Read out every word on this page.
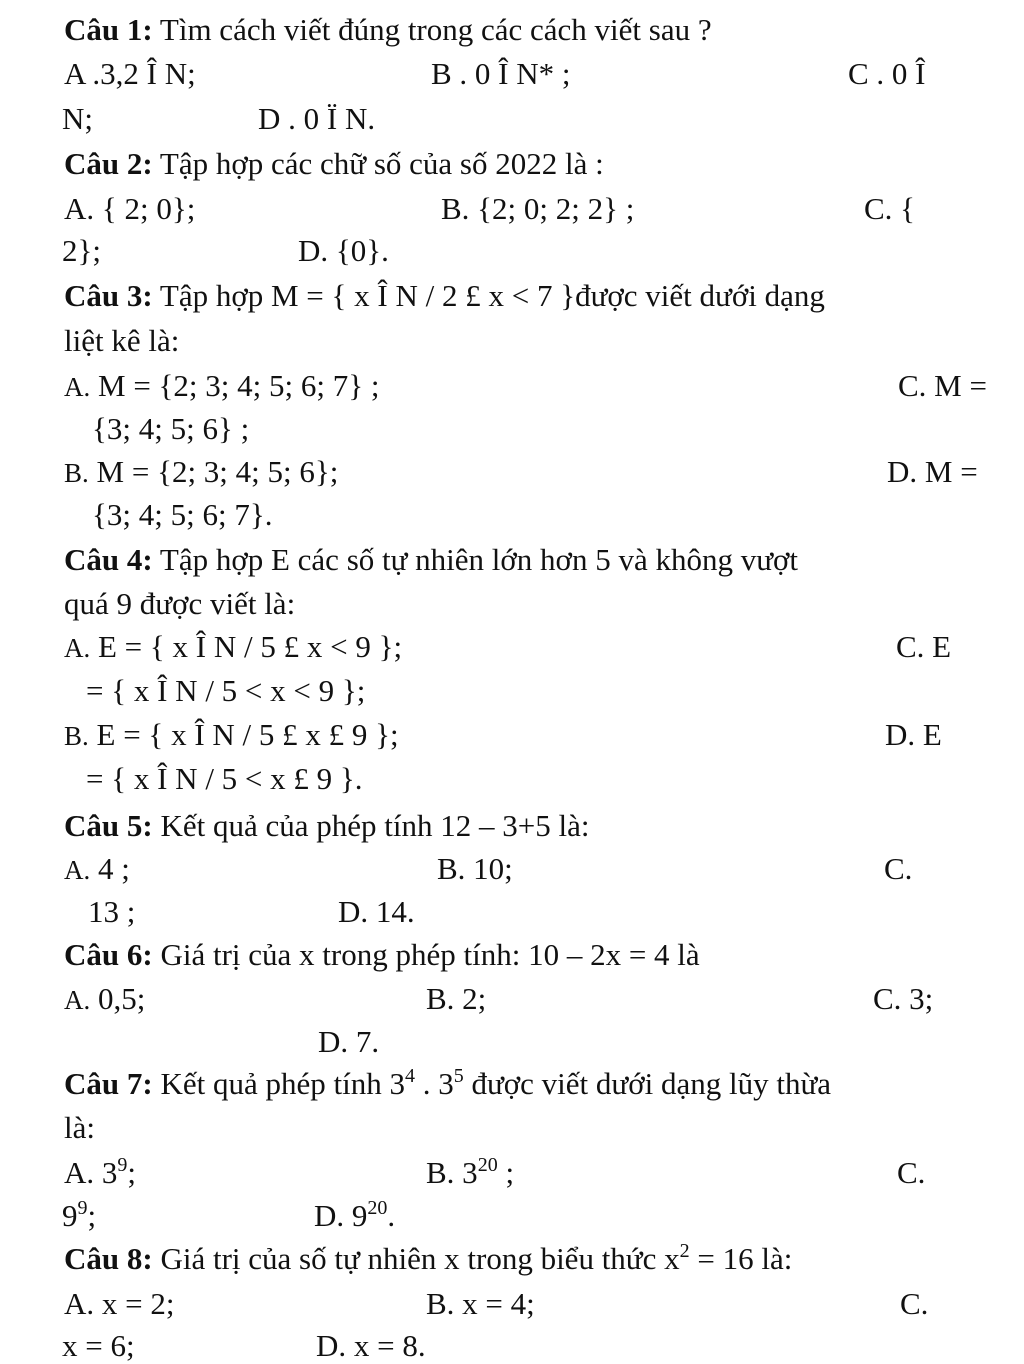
Câu 1: Tìm cách viết đúng trong các cách viết sau ?
A .3,2 Î N;	B . 0 Î N* ;	C . 0 Î
N;	D . 0 Ï N.
Câu 2: Tập hợp các chữ số của số 2022 là :
A. { 2; 0};	B. {2; 0; 2; 2} ;	C. {
2};	D. {0}.
Câu 3: Tập hợp M = { x Î N / 2 £ x < 7 }được viết dưới dạng
liệt kê là:
A. M = {2; 3; 4; 5; 6; 7} ;	C. M =
{3; 4; 5; 6} ;
B. M = {2; 3; 4; 5; 6};	D. M =
{3; 4; 5; 6; 7}.
Câu 4: Tập hợp E các số tự nhiên lớn hơn 5 và không vượt
quá 9 được viết là:
A. E = { x Î N / 5 £ x < 9 };	C. E
= { x Î N / 5 < x < 9 };
B. E = { x Î N / 5 £ x £ 9 };	D. E
= { x Î N / 5 < x £ 9 }.
Câu 5: Kết quả của phép tính 12 – 3+5 là:
A. 4 ;	B. 10;	C.
13 ;	D. 14.
Câu 6: Giá trị của x trong phép tính: 10 – 2x = 4 là
A. 0,5;	B. 2;	C. 3;
D. 7.
Câu 7: Kết quả phép tính $3^4$ . $3^5$ được viết dưới dạng lũy thừa
là:
A. $3^9$;	B. $3^{20}$ ;	C.
$9^9$;	D. $9^{20}$.
Câu 8: Giá trị của số tự nhiên x trong biểu thức $x^2 = 16$ là:
A. x = 2;	B. x = 4;	C.
x = 6;	D. x = 8.
